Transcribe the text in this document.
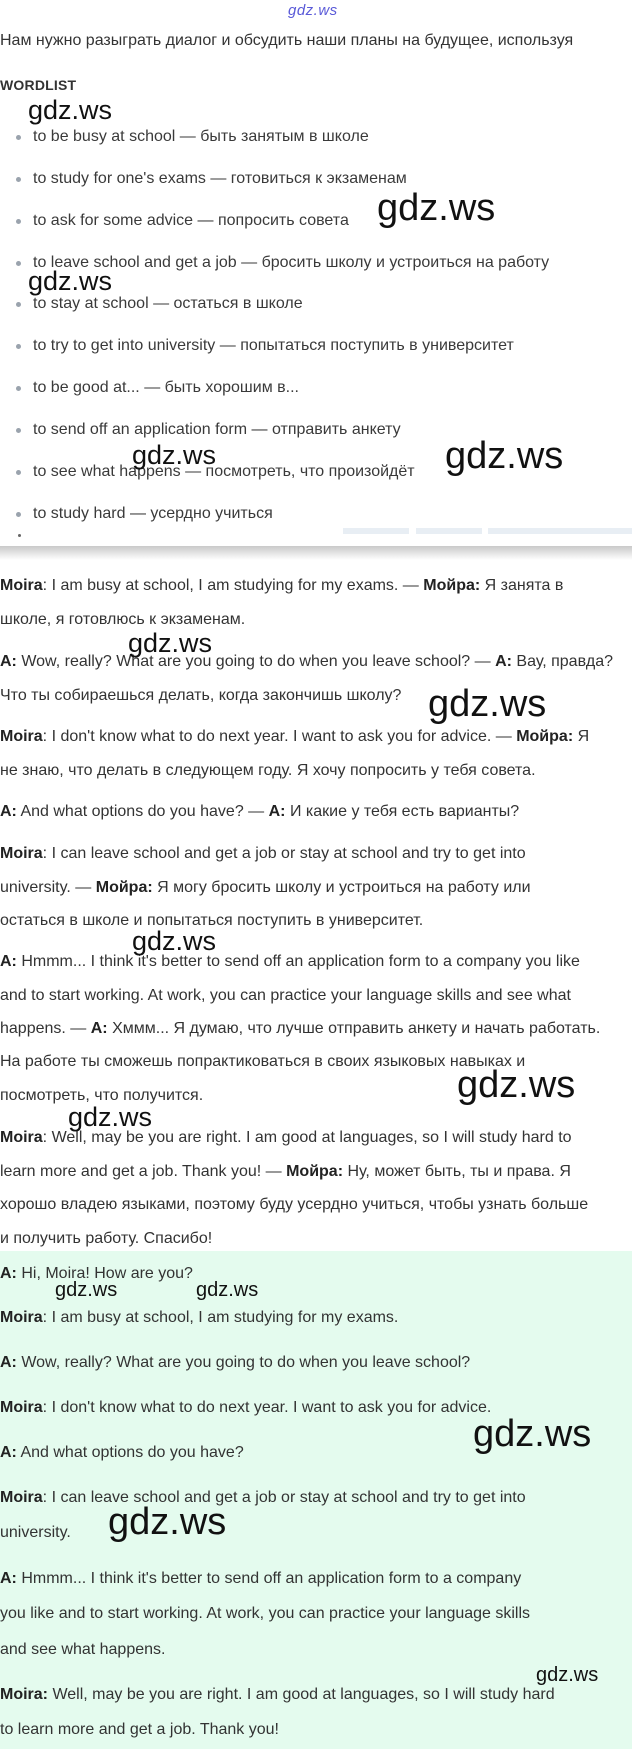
gdz.ws
Нам нужно разыграть диалог и обсудить наши планы на будущее, используя
WORDLIST
to be busy at school — быть занятым в школе
to study for one's exams — готовиться к экзаменам
to ask for some advice — попросить совета
to leave school and get a job — бросить школу и устроиться на работу
to stay at school — остаться в школе
to try to get into university — попытаться поступить в университет
to be good at... — быть хорошим в...
to send off an application form — отправить анкету
to see what happens — посмотреть, что произойдёт
to study hard — усердно учиться
Moira: I am busy at school, I am studying for my exams. — Мойра: Я занята в
школе, я готовлюсь к экзаменам.
A: Wow, really? What are you going to do when you leave school? — A: Вау, правда?
Что ты собираешься делать, когда закончишь школу?
Moira: I don't know what to do next year. I want to ask you for advice. — Мойра: Я
не знаю, что делать в следующем году. Я хочу попросить у тебя совета.
A: And what options do you have? — A: И какие у тебя есть варианты?
Moira: I can leave school and get a job or stay at school and try to get into
university. — Мойра: Я могу бросить школу и устроиться на работу или
остаться в школе и попытаться поступить в университет.
A: Hmmm... I think it's better to send off an application form to a company you like
and to start working. At work, you can practice your language skills and see what
happens. — A: Хммм... Я думаю, что лучше отправить анкету и начать работать.
На работе ты сможешь попрактиковаться в своих языковых навыках и
посмотреть, что получится.
Moira: Well, may be you are right. I am good at languages, so I will study hard to
learn more and get a job. Thank you! — Мойра: Ну, может быть, ты и права. Я
хорошо владею языками, поэтому буду усердно учиться, чтобы узнать больше
и получить работу. Спасибо!
A: Hi, Moira! How are you?
Moira: I am busy at school, I am studying for my exams.
A: Wow, really? What are you going to do when you leave school?
Moira: I don't know what to do next year. I want to ask you for advice.
A: And what options do you have?
Moira: I can leave school and get a job or stay at school and try to get into
university.
A: Hmmm... I think it's better to send off an application form to a company
you like and to start working. At work, you can practice your language skills
and see what happens.
Moira: Well, may be you are right. I am good at languages, so I will study hard
to learn more and get a job. Thank you!
gdz.ws
gdz.ws
gdz.ws
gdz.ws	gdz.ws
gdz.ws
gdz.ws
gdz.ws
gdz.ws
gdz.ws
gdz.ws	gdz.ws
gdz.ws
gdz.ws
gdz.ws
